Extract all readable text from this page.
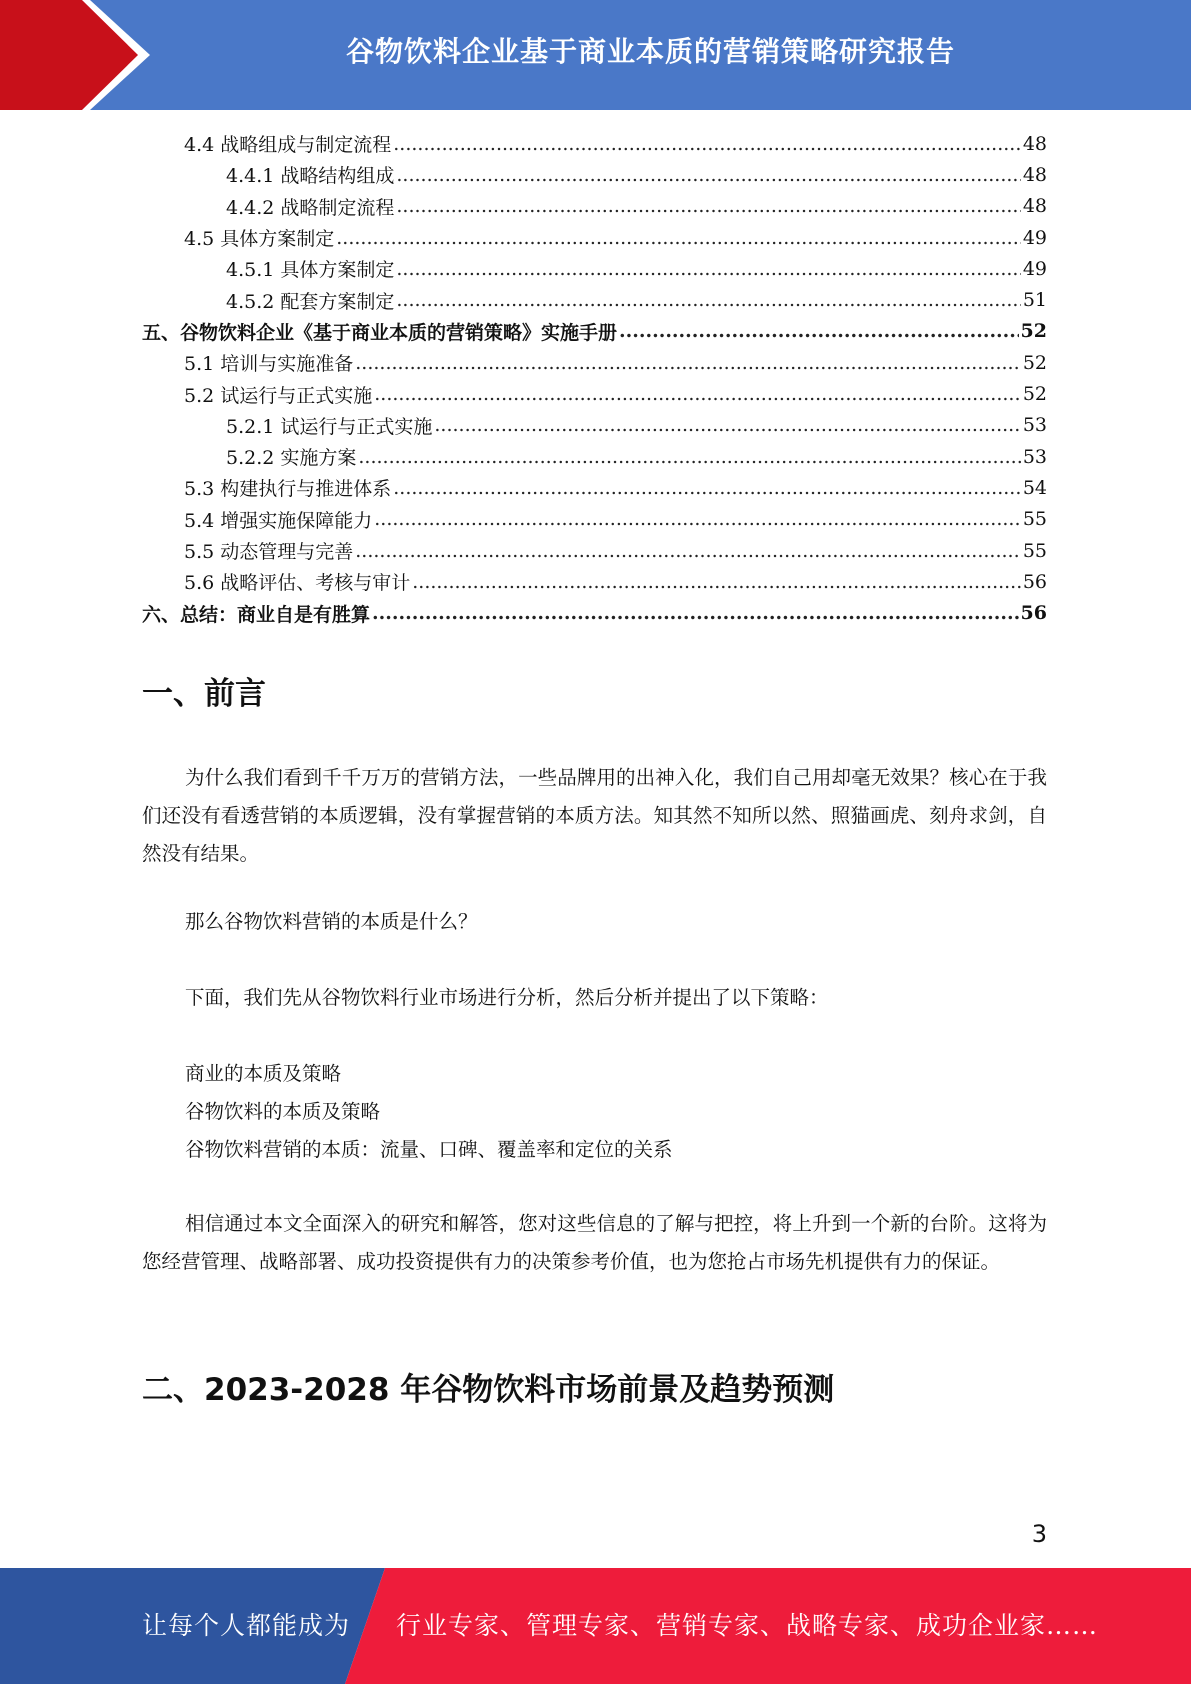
谷物饮料企业基于商业本质的营销策略研究报告
4.4 战略组成与制定流程 .....	48
4.4.1 战略结构组成 .....	48
4.4.2 战略制定流程 .....	48
4.5 具体方案制定 .....	49
4.5.1 具体方案制定 .....	49
4.5.2 配套方案制定 .....	51
五、谷物饮料企业《基于商业本质的营销策略》实施手册 .....	52
5.1 培训与实施准备 .....	52
5.2 试运行与正式实施 .....	52
5.2.1 试运行与正式实施 .....	53
5.2.2 实施方案 .....	53
5.3 构建执行与推进体系 .....	54
5.4 增强实施保障能力 .....	55
5.5 动态管理与完善 .....	55
5.6 战略评估、考核与审计 .....	56
六、总结：商业自是有胜算 .....	56
一、前言
为什么我们看到千千万万的营销方法，一些品牌用的出神入化，我们自己用却毫无效果？核心在于我们还没有看透营销的本质逻辑，没有掌握营销的本质方法。知其然不知所以然、照猫画虎、刻舟求剑，自然没有结果。
那么谷物饮料营销的本质是什么？
下面，我们先从谷物饮料行业市场进行分析，然后分析并提出了以下策略：
商业的本质及策略
谷物饮料的本质及策略
谷物饮料营销的本质：流量、口碑、覆盖率和定位的关系
相信通过本文全面深入的研究和解答，您对这些信息的了解与把控，将上升到一个新的台阶。这将为您经营管理、战略部署、成功投资提供有力的决策参考价值，也为您抢占市场先机提供有力的保证。
二、2023-2028 年谷物饮料市场前景及趋势预测
3
让每个人都能成为 行业专家、管理专家、营销专家、战略专家、成功企业家……
